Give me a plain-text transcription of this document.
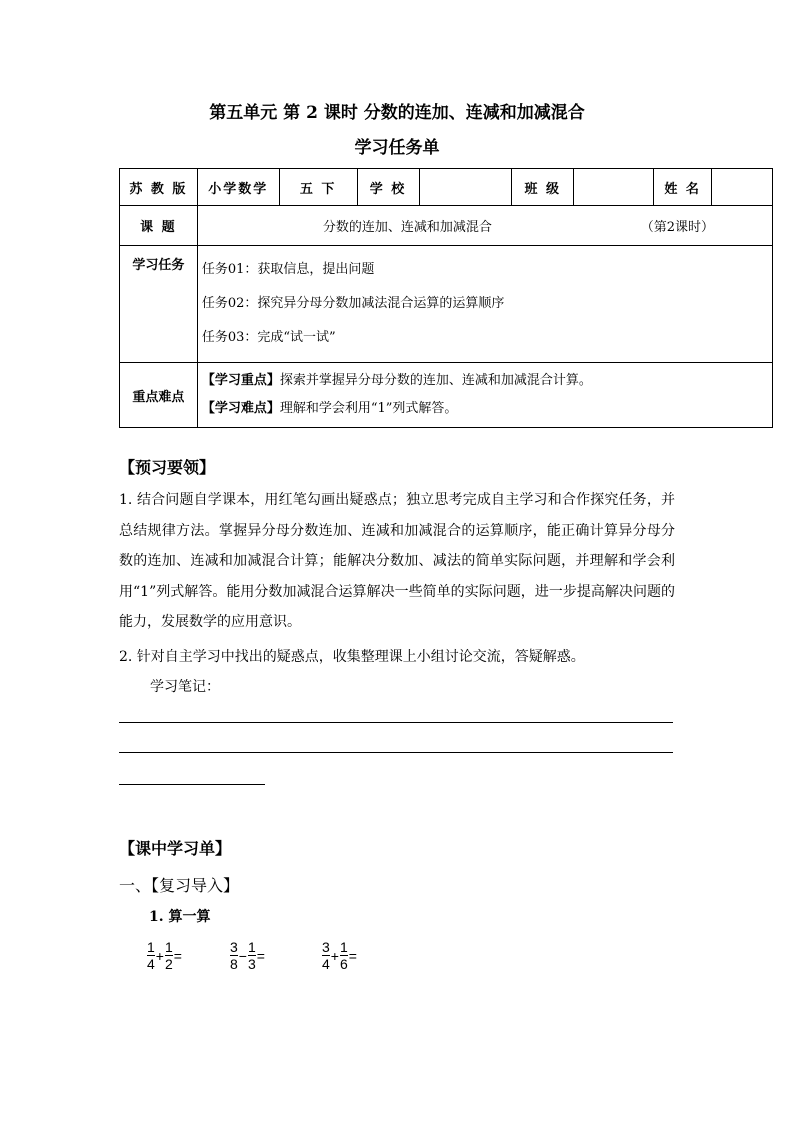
第五单元 第 2 课时 分数的连加、连减和加减混合
学习任务单
苏 教 版	小学数学	五 下	学 校		班 级		姓 名	
课 题	分数的连加、连减和加减混合 （第2课时）							
学习任务	任务01：获取信息，提出问题
任务02：探究异分母分数加减法混合运算的运算顺序
任务03：完成“试一试”							

重点难点	【学习重点】探索并掌握异分母分数的连加、连减和加减混合计算。
【学习难点】理解和学会利用“1”列式解答。							
【预习要领】
1. 结合问题自学课本，用红笔勾画出疑惑点；独立思考完成自主学习和合作探究任务，并总结规律方法。掌握异分母分数连加、连减和加减混合的运算顺序，能正确计算异分母分数的连加、连减和加减混合计算；能解决分数加、减法的简单实际问题，并理解和学会利用“1”列式解答。能用分数加减混合运算解决一些简单的实际问题，进一步提高解决问题的能力，发展数学的应用意识。
2. 针对自主学习中找出的疑惑点，收集整理课上小组讨论交流，答疑解惑。
学习笔记：
【课中学习单】
一、【复习导入】
1. 算一算
$\frac{1}{4} + \frac{1}{2}$ =	$\frac{3}{8} - \frac{1}{3}$ =	$\frac{3}{4} + \frac{1}{6}$ =
